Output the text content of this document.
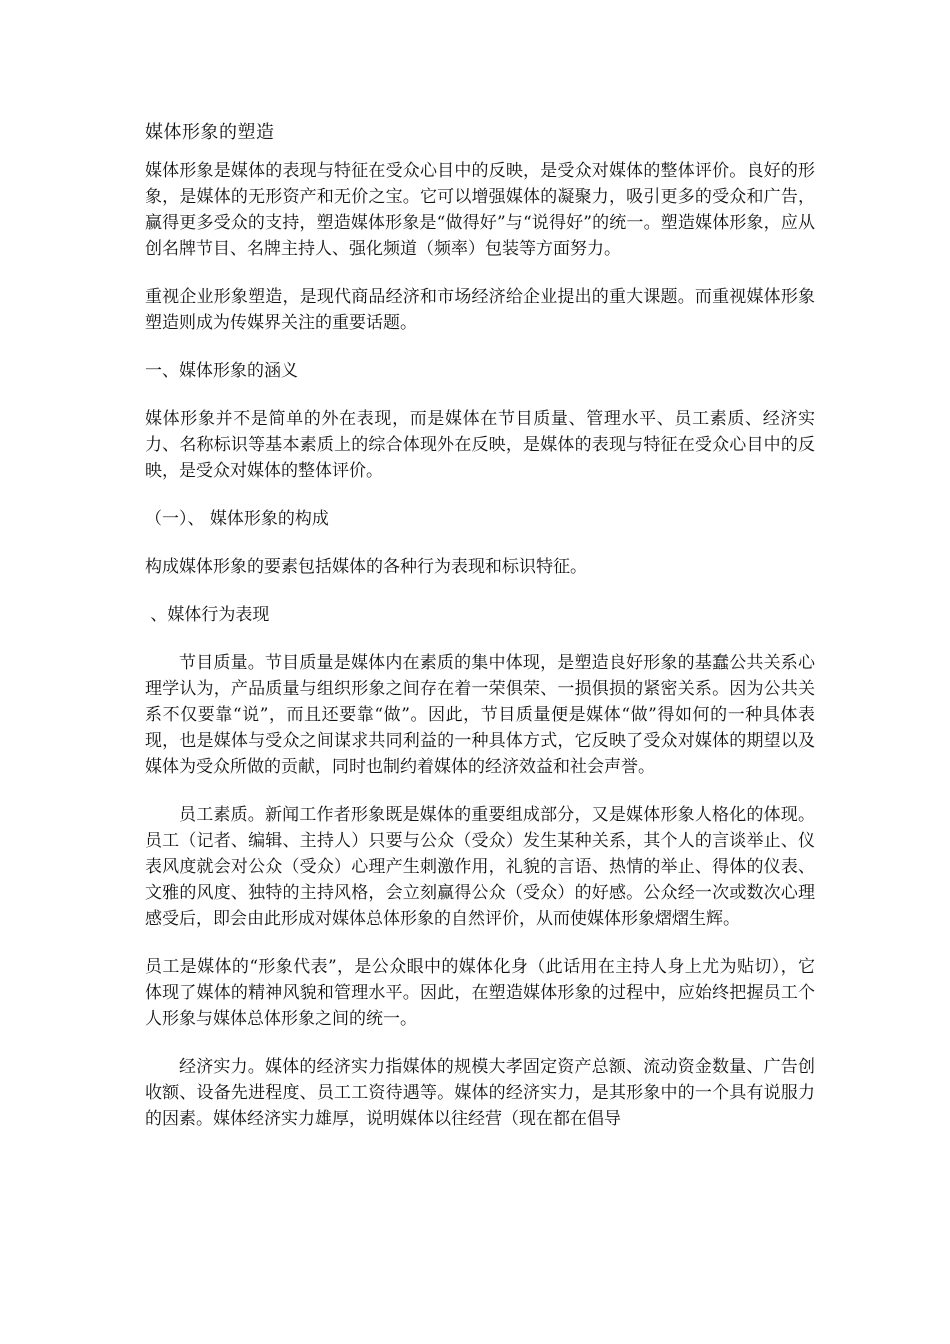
媒体形象的塑造

媒体形象是媒体的表现与特征在受众心目中的反映，是受众对媒体的整体评价。良好的形象，是媒体的无形资产和无价之宝。它可以增强媒体的凝聚力，吸引更多的受众和广告，赢得更多受众的支持，塑造媒体形象是“做得好”与“说得好”的统一。塑造媒体形象，应从创名牌节目、名牌主持人、强化频道（频率）包装等方面努力。

重视企业形象塑造，是现代商品经济和市场经济给企业提出的重大课题。而重视媒体形象塑造则成为传媒界关注的重要话题。

一、媒体形象的涵义

媒体形象并不是简单的外在表现，而是媒体在节目质量、管理水平、员工素质、经济实力、名称标识等基本素质上的综合体现外在反映，是媒体的表现与特征在受众心目中的反映，是受众对媒体的整体评价。

（一）、 媒体形象的构成

构成媒体形象的要素包括媒体的各种行为表现和标识特征。

、媒体行为表现

节目质量。节目质量是媒体内在素质的集中体现，是塑造良好形象的基蠢公共关系心理学认为，产品质量与组织形象之间存在着一荣俱荣、一损俱损的紧密关系。因为公共关系不仅要靠“说”，而且还要靠“做”。因此，节目质量便是媒体“做”得如何的一种具体表现，也是媒体与受众之间谋求共同利益的一种具体方式，它反映了受众对媒体的期望以及媒体为受众所做的贡献，同时也制约着媒体的经济效益和社会声誉。

员工素质。新闻工作者形象既是媒体的重要组成部分，又是媒体形象人格化的体现。员工（记者、编辑、主持人）只要与公众（受众）发生某种关系，其个人的言谈举止、仪表风度就会对公众（受众）心理产生刺激作用，礼貌的言语、热情的举止、得体的仪表、文雅的风度、独特的主持风格，会立刻赢得公众（受众）的好感。公众经一次或数次心理感受后，即会由此形成对媒体总体形象的自然评价，从而使媒体形象熠熠生辉。

员工是媒体的“形象代表”，是公众眼中的媒体化身（此话用在主持人身上尤为贴切），它体现了媒体的精神风貌和管理水平。因此，在塑造媒体形象的过程中，应始终把握员工个人形象与媒体总体形象之间的统一。

经济实力。媒体的经济实力指媒体的规模大孝固定资产总额、流动资金数量、广告创收额、设备先进程度、员工工资待遇等。媒体的经济实力，是其形象中的一个具有说服力的因素。媒体经济实力雄厚，说明媒体以往经营（现在都在倡导
